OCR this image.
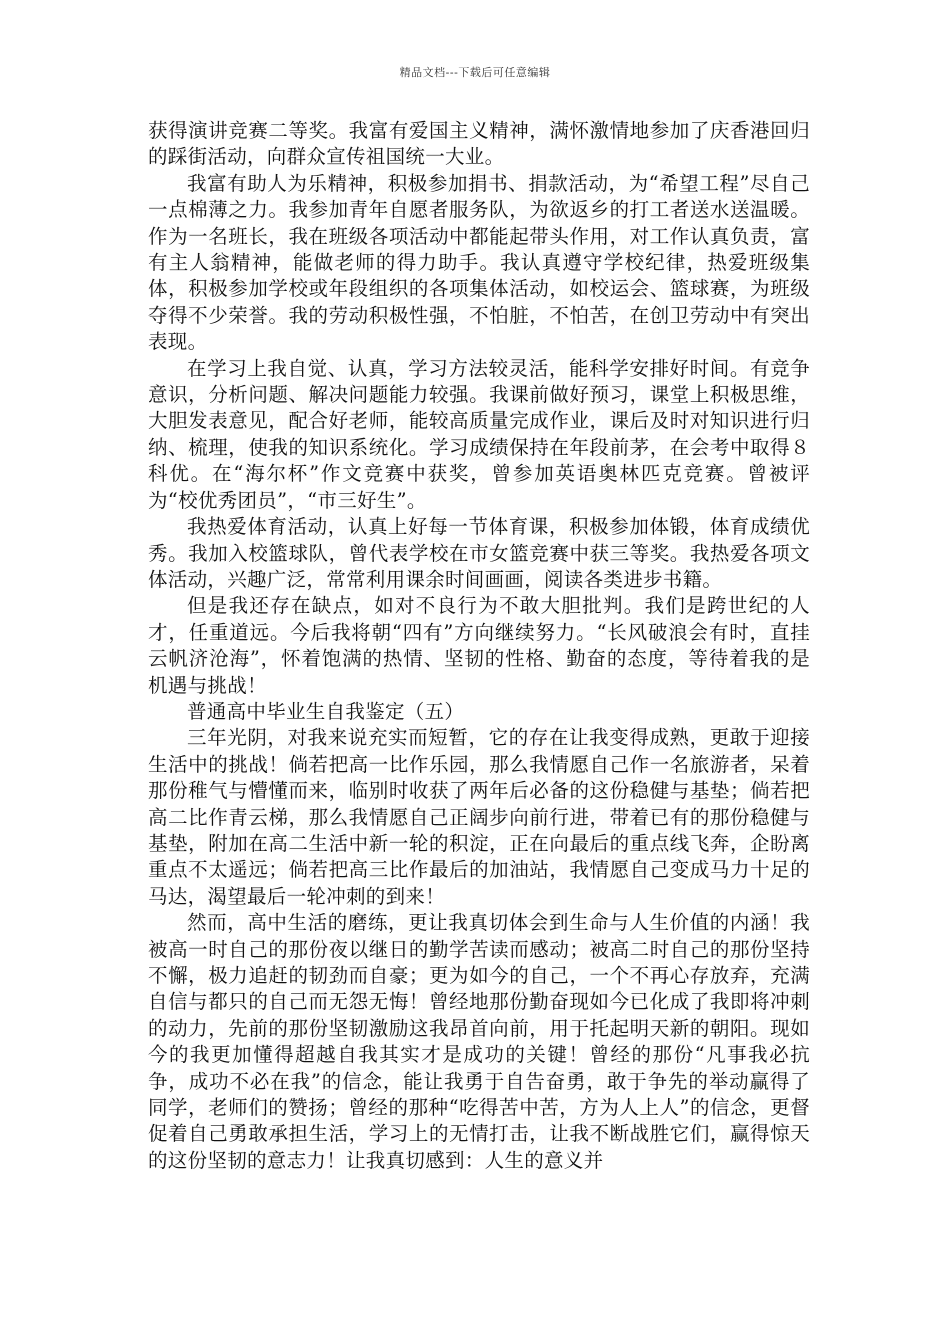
精品文档---下载后可任意编辑

获得演讲竞赛二等奖。我富有爱国主义精神，满怀激情地参加了庆香港回归的踩街活动，向群众宣传祖国统一大业。

我富有助人为乐精神，积极参加捐书、捐款活动，为“希望工程”尽自己一点棉薄之力。我参加青年自愿者服务队，为欲返乡的打工者送水送温暖。作为一名班长，我在班级各项活动中都能起带头作用，对工作认真负责，富有主人翁精神，能做老师的得力助手。我认真遵守学校纪律，热爱班级集体，积极参加学校或年段组织的各项集体活动，如校运会、篮球赛，为班级夺得不少荣誉。我的劳动积极性强，不怕脏，不怕苦，在创卫劳动中有突出表现。

在学习上我自觉、认真，学习方法较灵活，能科学安排好时间。有竞争意识，分析问题、解决问题能力较强。我课前做好预习，课堂上积极思维，大胆发表意见，配合好老师，能较高质量完成作业，课后及时对知识进行归纳、梳理，使我的知识系统化。学习成绩保持在年段前茅，在会考中取得８科优。在“海尔杯”作文竞赛中获奖，曾参加英语奥林匹克竞赛。曾被评为“校优秀团员”，“市三好生”。

我热爱体育活动，认真上好每一节体育课，积极参加体锻，体育成绩优秀。我加入校篮球队，曾代表学校在市女篮竞赛中获三等奖。我热爱各项文体活动，兴趣广泛，常常利用课余时间画画，阅读各类进步书籍。

但是我还存在缺点，如对不良行为不敢大胆批判。我们是跨世纪的人才，任重道远。今后我将朝“四有”方向继续努力。“长风破浪会有时，直挂云帆济沧海”，怀着饱满的热情、坚韧的性格、勤奋的态度，等待着我的是机遇与挑战！

普通高中毕业生自我鉴定（五）

三年光阴，对我来说充实而短暂，它的存在让我变得成熟，更敢于迎接生活中的挑战！倘若把高一比作乐园，那么我情愿自己作一名旅游者，呆着那份稚气与懵懂而来，临别时收获了两年后必备的这份稳健与基垫；倘若把高二比作青云梯，那么我情愿自己正阔步向前行进，带着已有的那份稳健与基垫，附加在高二生活中新一轮的积淀，正在向最后的重点线飞奔，企盼离重点不太遥远；倘若把高三比作最后的加油站，我情愿自己变成马力十足的马达，渴望最后一轮冲刺的到来！

然而，高中生活的磨练，更让我真切体会到生命与人生价值的内涵！我被高一时自己的那份夜以继日的勤学苦读而感动；被高二时自己的那份坚持不懈，极力追赶的韧劲而自豪；更为如今的自己，一个不再心存放弃，充满自信与都只的自己而无怨无悔！曾经地那份勤奋现如今已化成了我即将冲刺的动力，先前的那份坚韧激励这我昂首向前，用于托起明天新的朝阳。现如今的我更加懂得超越自我其实才是成功的关键！曾经的那份“凡事我必抗争，成功不必在我”的信念，能让我勇于自告奋勇，敢于争先的举动赢得了同学，老师们的赞扬；曾经的那种“吃得苦中苦，方为人上人”的信念，更督促着自己勇敢承担生活，学习上的无情打击，让我不断战胜它们，赢得惊天的这份坚韧的意志力！让我真切感到：人生的意义并
